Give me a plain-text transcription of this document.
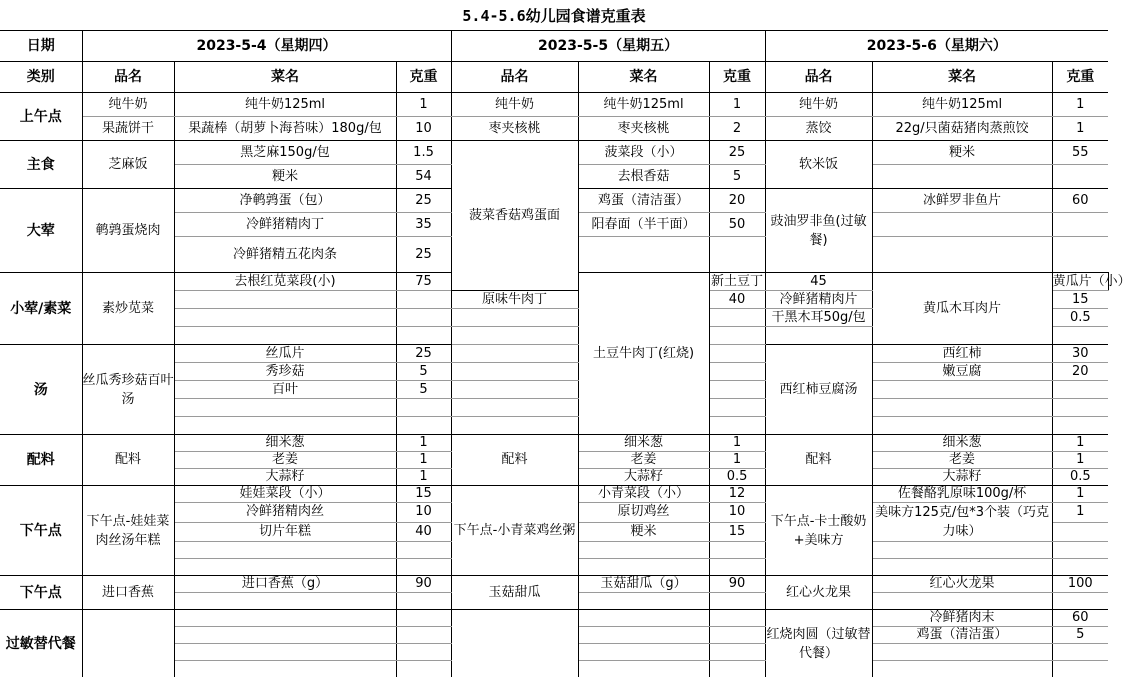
5.4-5.6幼儿园食谱克重表
日期	2023-5-4（星期四）			2023-5-5（星期五）			2023-5-6（星期六）			
类别	品名	菜名	克重	品名	菜名	克重	品名	菜名	克重	
上午点	纯牛奶	纯牛奶125ml	1	纯牛奶	纯牛奶125ml	1	纯牛奶	纯牛奶125ml	1	
	果蔬饼干	果蔬棒（胡萝卜海苔味）180g/包	10	枣夹核桃	枣夹核桃	2	蒸饺	22g/只菌菇猪肉蒸煎饺	1	
主食	芝麻饭	黑芝麻150g/包	1.5	菠菜香菇鸡蛋面	菠菜段（小）	25	软米饭	粳米	55	
		粳米	54		去根香菇	5				
大荤	鹌鹑蛋烧肉	净鹌鹑蛋（包）	25		鸡蛋（清洁蛋）	20	豉油罗非鱼(过敏餐)	冰鲜罗非鱼片	60	
		冷鲜猪精肉丁	35		阳春面（半干面）	50				
		冷鲜猪精五花肉条	25							
小荤/素菜	素炒苋菜	去根红苋菜段(小)	75		土豆牛肉丁(红烧)	新土豆丁	45	黄瓜木耳肉片	黄瓜片（小）	
				原味牛肉丁		40	冷鲜猪精肉片		15	
							干黑木耳50g/包		0.5	

汤	丝瓜秀珍菇百叶汤	丝瓜片	25				西红柿豆腐汤	西红柿	30	
		秀珍菇	5					嫩豆腐	20	
		百叶	5							

配料	配料	细米葱	1	配料	细米葱	1	配料	细米葱	1	
		老姜	1		老姜	1		老姜	1	
		大蒜籽	1		大蒜籽	0.5		大蒜籽	0.5	
下午点	下午点-娃娃菜肉丝汤年糕	娃娃菜段（小）	15	下午点-小青菜鸡丝粥	小青菜段（小）	12	下午点-卡士酸奶+美味方	佐餐酪乳原味100g/杯	1	
		冷鲜猪精肉丝	10		原切鸡丝	10		美味方125克/包*3个装（巧克力味）	1	
		切片年糕	40		粳米	15				

下午点	进口香蕉	进口香蕉（g）	90	玉菇甜瓜	玉菇甜瓜（g）	90	红心火龙果	红心火龙果	100	

过敏替代餐							红烧肉圆（过敏替代餐）	冷鲜猪肉末	60	
								鸡蛋（清洁蛋）	5	
